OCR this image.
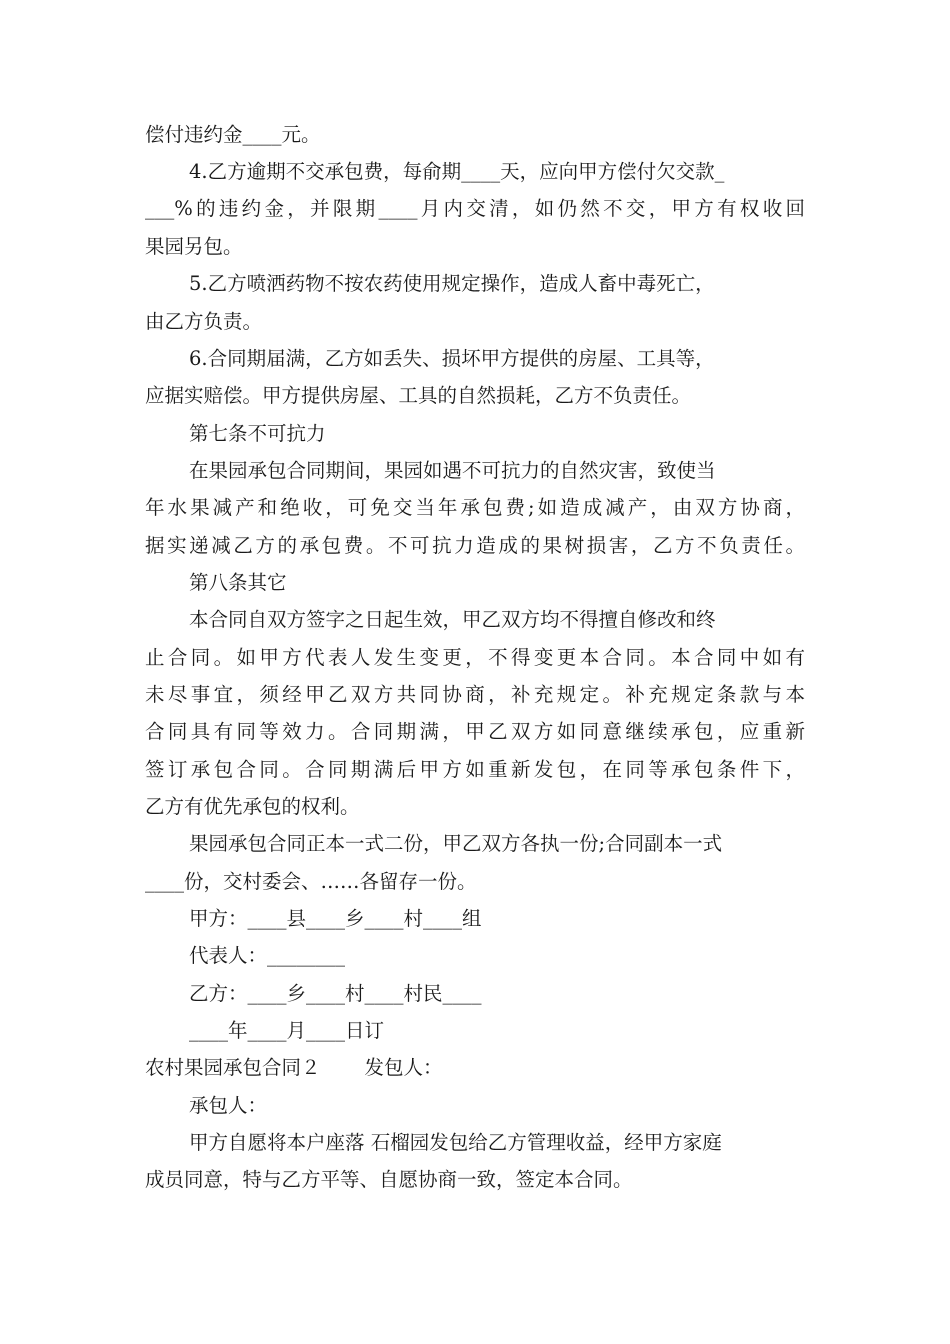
偿付违约金____元。
4.乙方逾期不交承包费，每俞期____天，应向甲方偿付欠交款_
___%的违约金，并限期____月内交清，如仍然不交，甲方有权收回
果园另包。
5.乙方喷洒药物不按农药使用规定操作，造成人畜中毒死亡，
由乙方负责。
6.合同期届满，乙方如丢失、损坏甲方提供的房屋、工具等，
应据实赔偿。甲方提供房屋、工具的自然损耗，乙方不负责任。
第七条不可抗力
在果园承包合同期间，果园如遇不可抗力的自然灾害，致使当
年水果减产和绝收，可免交当年承包费;如造成减产，由双方协商，
据实递减乙方的承包费。不可抗力造成的果树损害，乙方不负责任。
第八条其它
本合同自双方签字之日起生效，甲乙双方均不得擅自修改和终
止合同。如甲方代表人发生变更，不得变更本合同。本合同中如有
未尽事宜，须经甲乙双方共同协商，补充规定。补充规定条款与本
合同具有同等效力。合同期满，甲乙双方如同意继续承包，应重新
签订承包合同。合同期满后甲方如重新发包，在同等承包条件下，
乙方有优先承包的权利。
果园承包合同正本一式二份，甲乙双方各执一份;合同副本一式
____份，交村委会、……各留存一份。
甲方：____县____乡____村____组
代表人：________
乙方：____乡____村____村民____
____年____月____日订
农村果园承包合同２ 发包人：
承包人：
甲方自愿将本户座落 石榴园发包给乙方管理收益，经甲方家庭
成员同意，特与乙方平等、自愿协商一致，签定本合同。
